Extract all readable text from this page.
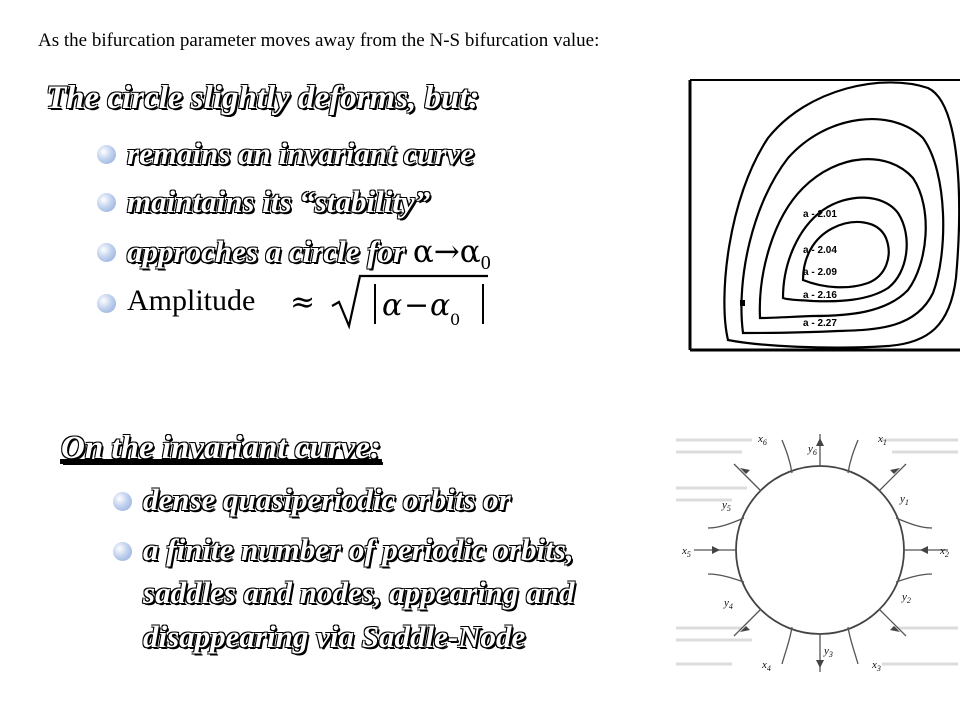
As the bifurcation parameter moves away from the N-S bifurcation value:
The circle slightly deforms, but:
remains an invariant curve
maintains its “stability”
approches a circle for $\alpha\to\alpha_0$
Amplitude ≈ α − α 0
a - 2.01
a - 2.04
a - 2.09
a - 2.16
a - 2.27
On the invariant curve:
dense quasiperiodic orbits or
a finite number of periodic orbits,
saddles and nodes, appearing and
disappearing via Saddle-Node
$x_6$	$x_1$
$x_2$
$x_3$
$x_4$
$x_5$
$y_6$
$y_1$
$y_2$
$y_3$
$y_4$
$y_5$
